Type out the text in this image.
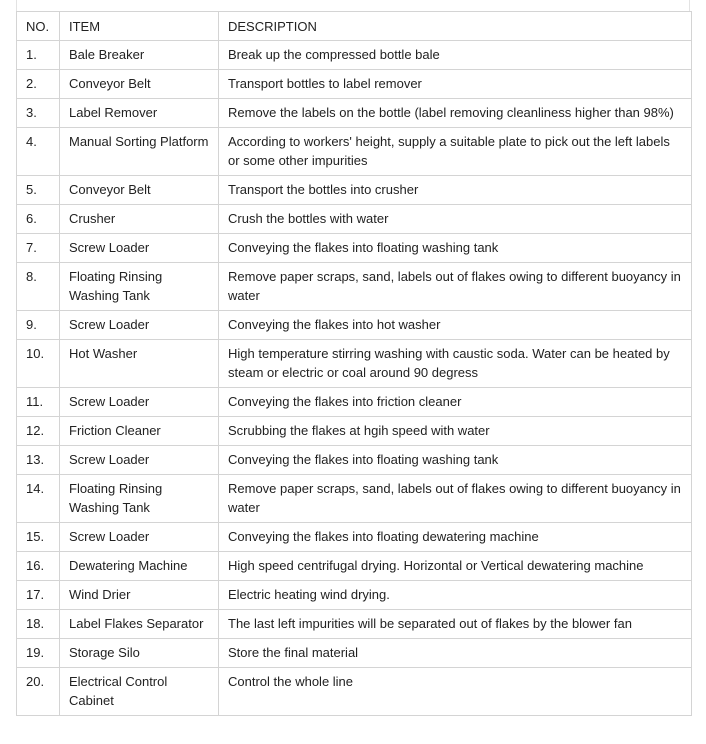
NO.	ITEM	DESCRIPTION
1.	Bale Breaker	Break up the compressed bottle bale
2.	Conveyor Belt	Transport bottles to label remover
3.	Label Remover	Remove the labels on the bottle (label removing cleanliness higher than 98%)
4.	Manual Sorting Platform	According to workers' height, supply a suitable plate to pick out the left labels or some other impurities
5.	Conveyor Belt	Transport the bottles into crusher
6.	Crusher	Crush the bottles with water
7.	Screw Loader	Conveying the flakes into floating washing tank
8.	Floating Rinsing Washing Tank	Remove paper scraps, sand, labels out of flakes owing to different buoyancy in water
9.	Screw Loader	Conveying the flakes into hot washer
10.	Hot Washer	High temperature stirring washing with caustic soda. Water can be heated by steam or electric or coal around 90 degress
11.	Screw Loader	Conveying the flakes into friction cleaner
12.	Friction Cleaner	Scrubbing the flakes at hgih speed with water
13.	Screw Loader	Conveying the flakes into floating washing tank
14.	Floating Rinsing Washing Tank	Remove paper scraps, sand, labels out of flakes owing to different buoyancy in water
15.	Screw Loader	Conveying the flakes into floating dewatering machine
16.	Dewatering Machine	High speed centrifugal drying. Horizontal or Vertical dewatering machine
17.	Wind Drier	Electric heating wind drying.
18.	Label Flakes Separator	The last left impurities will be separated out of flakes by the blower fan
19.	Storage Silo	Store the final material
20.	Electrical Control Cabinet	Control the whole line
